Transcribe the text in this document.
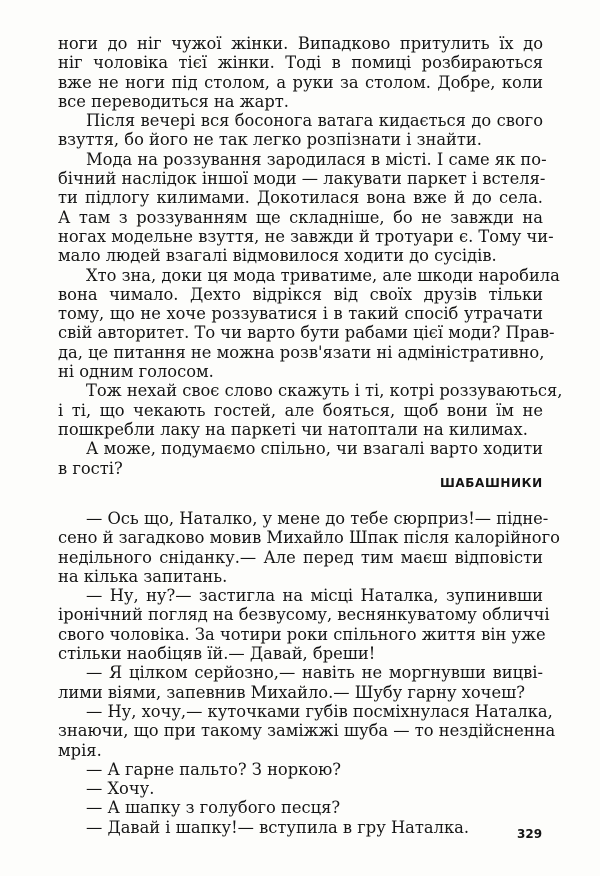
ноги до ніг чужої жінки. Випадково притулить їх до
ніг чоловіка тієї жінки. Тоді в помиці розбираються
вже не ноги під столом, а руки за столом. Добре, коли
все переводиться на жарт.

Після вечері вся босонога ватага кидається до свого
взуття, бо його не так легко розпізнати і знайти.

Мода на роззування зародилася в місті. І саме як по-
бічний наслідок іншої моди — лакувати паркет і встеля-
ти підлогу килимами. Докотилася вона вже й до села.
А там з роззуванням ще складніше, бо не завжди на
ногах модельне взуття, не завжди й тротуари є. Тому чи-
мало людей взагалі відмовилося ходити до сусідів.

Хто зна, доки ця мода триватиме, але шкоди наробила
вона чимало. Дехто відрікся від своїх друзів тільки
тому, що не хоче роззуватися і в такий спосіб утрачати
свій авторитет. То чи варто бути рабами цієї моди? Прав-
да, це питання не можна розв'язати ні адміністративно,
ні одним голосом.

Тож нехай своє слово скажуть і ті, котрі роззуваються,
і ті, що чекають гостей, але бояться, щоб вони їм не
пошкребли лаку на паркеті чи натоптали на килимах.

А може, подумаємо спільно, чи взагалі варто ходити
в гості?

ШАБАШНИКИ

— Ось що, Наталко, у мене до тебе сюрприз!— підне-
сено й загадково мовив Михайло Шпак після калорійного
недільного сніданку.— Але перед тим маєш відповісти
на кілька запитань.

— Ну, ну?— застигла на місці Наталка, зупинивши
іронічний погляд на безвусому, веснянкуватому обличчі
свого чоловіка. За чотири роки спільного життя він уже
стільки наобіцяв їй.— Давай, бреши!

— Я цілком серйозно,— навіть не моргнувши вицві-
лими віями, запевнив Михайло.— Шубу гарну хочеш?

— Ну, хочу,— куточками губів посміхнулася Наталка,
знаючи, що при такому заміжжі шуба — то нездійсненна
мрія.

— А гарне пальто? З норкою?

— Хочу.

— А шапку з голубого песця?

— Давай і шапку!— вступила в гру Наталка.	329
